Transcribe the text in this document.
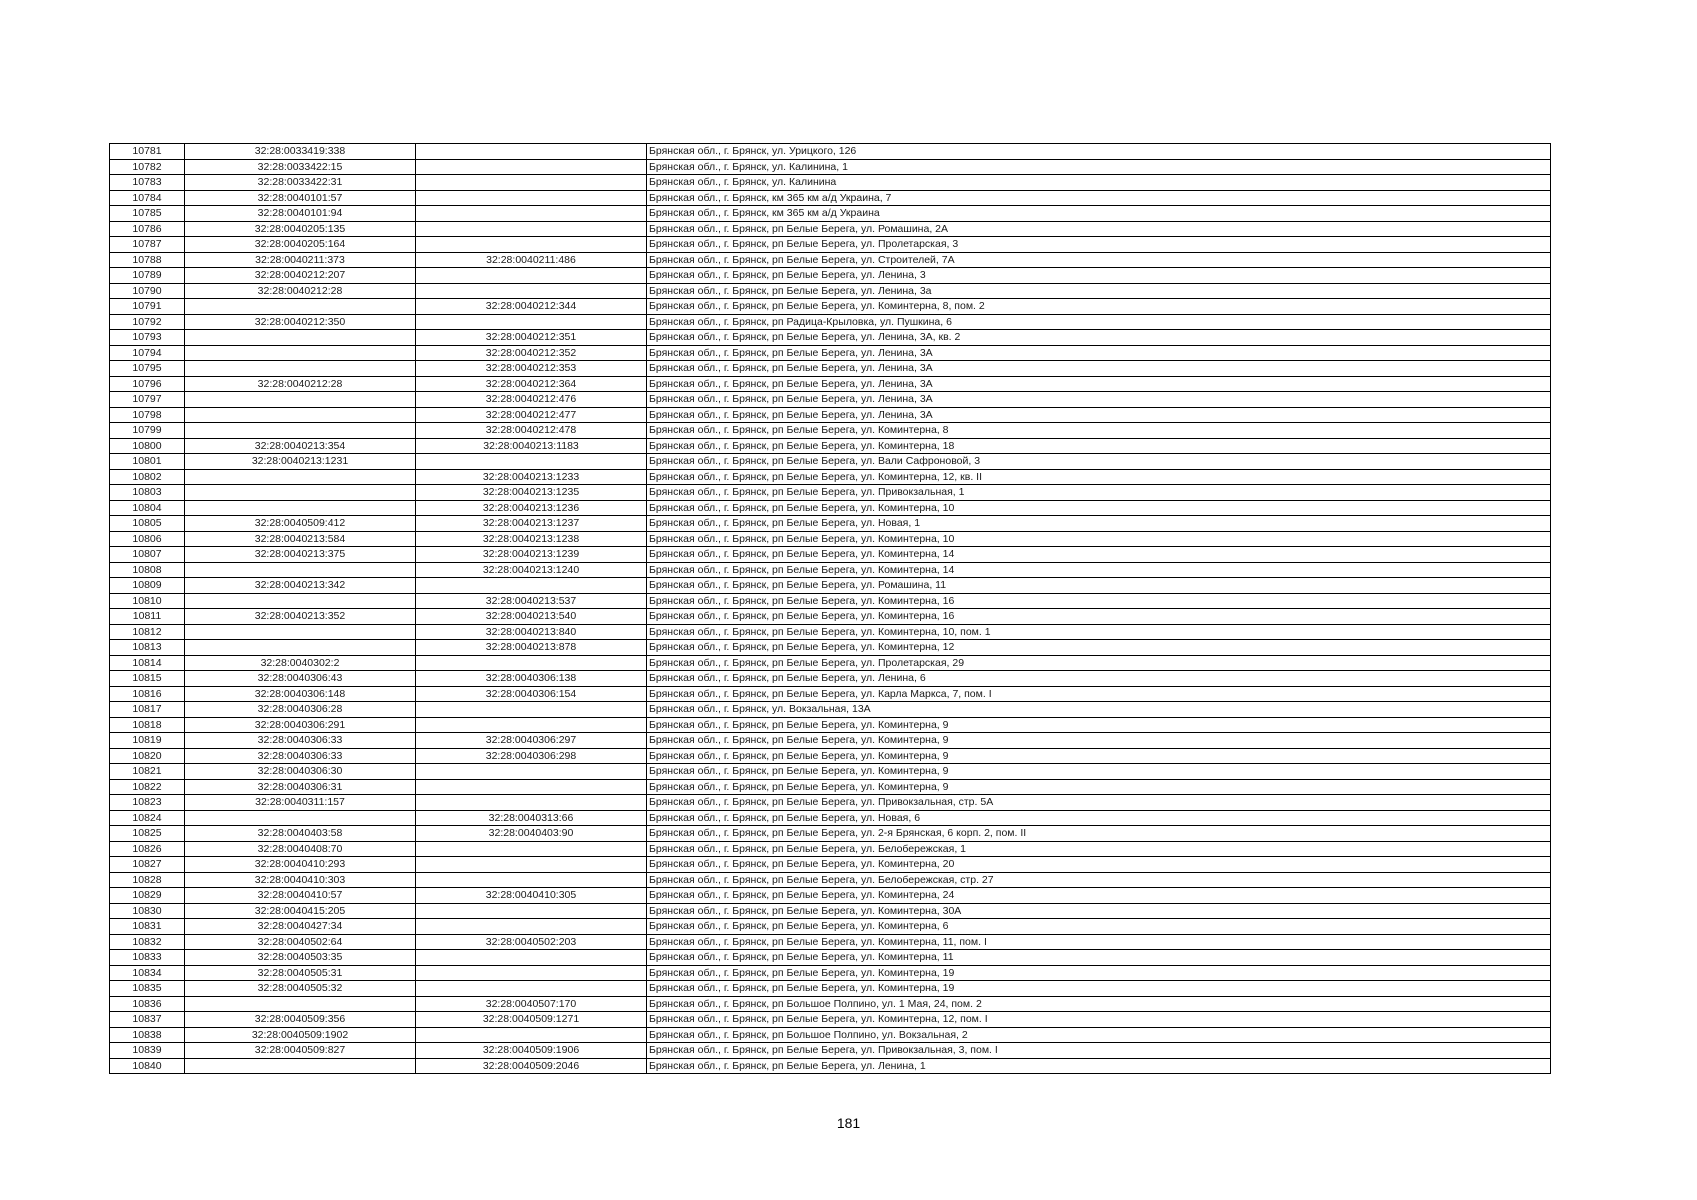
10781	32:28:0033419:338		Брянская обл., г. Брянск, ул. Урицкого, 126
10782	32:28:0033422:15		Брянская обл., г. Брянск, ул. Калинина, 1
10783	32:28:0033422:31		Брянская обл., г. Брянск, ул. Калинина
10784	32:28:0040101:57		Брянская обл., г. Брянск, км 365 км а/д Украина, 7
10785	32:28:0040101:94		Брянская обл., г. Брянск, км 365 км а/д Украина
10786	32:28:0040205:135		Брянская обл., г. Брянск, рп Белые Берега, ул. Ромашина, 2А
10787	32:28:0040205:164		Брянская обл., г. Брянск, рп Белые Берега, ул. Пролетарская, 3
10788	32:28:0040211:373	32:28:0040211:486	Брянская обл., г. Брянск, рп Белые Берега, ул. Строителей, 7А
10789	32:28:0040212:207		Брянская обл., г. Брянск, рп Белые Берега, ул. Ленина, 3
10790	32:28:0040212:28		Брянская обл., г. Брянск, рп Белые Берега, ул. Ленина, 3а
10791		32:28:0040212:344	Брянская обл., г. Брянск, рп Белые Берега, ул. Коминтерна, 8, пом. 2
10792	32:28:0040212:350		Брянская обл., г. Брянск, рп Радица-Крыловка, ул. Пушкина, 6
10793		32:28:0040212:351	Брянская обл., г. Брянск, рп Белые Берега, ул. Ленина, 3А, кв. 2
10794		32:28:0040212:352	Брянская обл., г. Брянск, рп Белые Берега, ул. Ленина, 3А
10795		32:28:0040212:353	Брянская обл., г. Брянск, рп Белые Берега, ул. Ленина, 3А
10796	32:28:0040212:28	32:28:0040212:364	Брянская обл., г. Брянск, рп Белые Берега, ул. Ленина, 3А
10797		32:28:0040212:476	Брянская обл., г. Брянск, рп Белые Берега, ул. Ленина, 3А
10798		32:28:0040212:477	Брянская обл., г. Брянск, рп Белые Берега, ул. Ленина, 3А
10799		32:28:0040212:478	Брянская обл., г. Брянск, рп Белые Берега, ул. Коминтерна, 8
10800	32:28:0040213:354	32:28:0040213:1183	Брянская обл., г. Брянск, рп Белые Берега, ул. Коминтерна, 18
10801	32:28:0040213:1231		Брянская обл., г. Брянск, рп Белые Берега, ул. Вали Сафроновой, 3
10802		32:28:0040213:1233	Брянская обл., г. Брянск, рп Белые Берега, ул. Коминтерна, 12, кв. II
10803		32:28:0040213:1235	Брянская обл., г. Брянск, рп Белые Берега, ул. Привокзальная, 1
10804		32:28:0040213:1236	Брянская обл., г. Брянск, рп Белые Берега, ул. Коминтерна, 10
10805	32:28:0040509:412	32:28:0040213:1237	Брянская обл., г. Брянск, рп Белые Берега, ул. Новая, 1
10806	32:28:0040213:584	32:28:0040213:1238	Брянская обл., г. Брянск, рп Белые Берега, ул. Коминтерна, 10
10807	32:28:0040213:375	32:28:0040213:1239	Брянская обл., г. Брянск, рп Белые Берега, ул. Коминтерна, 14
10808		32:28:0040213:1240	Брянская обл., г. Брянск, рп Белые Берега, ул. Коминтерна, 14
10809	32:28:0040213:342		Брянская обл., г. Брянск, рп Белые Берега, ул. Ромашина, 11
10810		32:28:0040213:537	Брянская обл., г. Брянск, рп Белые Берега, ул. Коминтерна, 16
10811	32:28:0040213:352	32:28:0040213:540	Брянская обл., г. Брянск, рп Белые Берега, ул. Коминтерна, 16
10812		32:28:0040213:840	Брянская обл., г. Брянск, рп Белые Берега, ул. Коминтерна, 10, пом. 1
10813		32:28:0040213:878	Брянская обл., г. Брянск, рп Белые Берега, ул. Коминтерна, 12
10814	32:28:0040302:2		Брянская обл., г. Брянск, рп Белые Берега, ул. Пролетарская, 29
10815	32:28:0040306:43	32:28:0040306:138	Брянская обл., г. Брянск, рп Белые Берега, ул. Ленина, 6
10816	32:28:0040306:148	32:28:0040306:154	Брянская обл., г. Брянск, рп Белые Берега, ул. Карла Маркса, 7, пом. I
10817	32:28:0040306:28		Брянская обл., г. Брянск, ул. Вокзальная, 13А
10818	32:28:0040306:291		Брянская обл., г. Брянск, рп Белые Берега, ул. Коминтерна, 9
10819	32:28:0040306:33	32:28:0040306:297	Брянская обл., г. Брянск, рп Белые Берега, ул. Коминтерна, 9
10820	32:28:0040306:33	32:28:0040306:298	Брянская обл., г. Брянск, рп Белые Берега, ул. Коминтерна, 9
10821	32:28:0040306:30		Брянская обл., г. Брянск, рп Белые Берега, ул. Коминтерна, 9
10822	32:28:0040306:31		Брянская обл., г. Брянск, рп Белые Берега, ул. Коминтерна, 9
10823	32:28:0040311:157		Брянская обл., г. Брянск, рп Белые Берега, ул. Привокзальная, стр. 5А
10824		32:28:0040313:66	Брянская обл., г. Брянск, рп Белые Берега, ул. Новая, 6
10825	32:28:0040403:58	32:28:0040403:90	Брянская обл., г. Брянск, рп Белые Берега, ул. 2-я Брянская, 6 корп. 2, пом. II
10826	32:28:0040408:70		Брянская обл., г. Брянск, рп Белые Берега, ул. Белобережская, 1
10827	32:28:0040410:293		Брянская обл., г. Брянск, рп Белые Берега, ул. Коминтерна, 20
10828	32:28:0040410:303		Брянская обл., г. Брянск, рп Белые Берега, ул. Белобережская, стр. 27
10829	32:28:0040410:57	32:28:0040410:305	Брянская обл., г. Брянск, рп Белые Берега, ул. Коминтерна, 24
10830	32:28:0040415:205		Брянская обл., г. Брянск, рп Белые Берега, ул. Коминтерна, 30А
10831	32:28:0040427:34		Брянская обл., г. Брянск, рп Белые Берега, ул. Коминтерна, 6
10832	32:28:0040502:64	32:28:0040502:203	Брянская обл., г. Брянск, рп Белые Берега, ул. Коминтерна, 11, пом. I
10833	32:28:0040503:35		Брянская обл., г. Брянск, рп Белые Берега, ул. Коминтерна, 11
10834	32:28:0040505:31		Брянская обл., г. Брянск, рп Белые Берега, ул. Коминтерна, 19
10835	32:28:0040505:32		Брянская обл., г. Брянск, рп Белые Берега, ул. Коминтерна, 19
10836		32:28:0040507:170	Брянская обл., г. Брянск, рп Большое Полпино, ул. 1 Мая, 24, пом. 2
10837	32:28:0040509:356	32:28:0040509:1271	Брянская обл., г. Брянск, рп Белые Берега, ул. Коминтерна, 12, пом. I
10838	32:28:0040509:1902		Брянская обл., г. Брянск, рп Большое Полпино, ул. Вокзальная, 2
10839	32:28:0040509:827	32:28:0040509:1906	Брянская обл., г. Брянск, рп Белые Берега, ул. Привокзальная, 3, пом. I
10840		32:28:0040509:2046	Брянская обл., г. Брянск, рп Белые Берега, ул. Ленина, 1
181
